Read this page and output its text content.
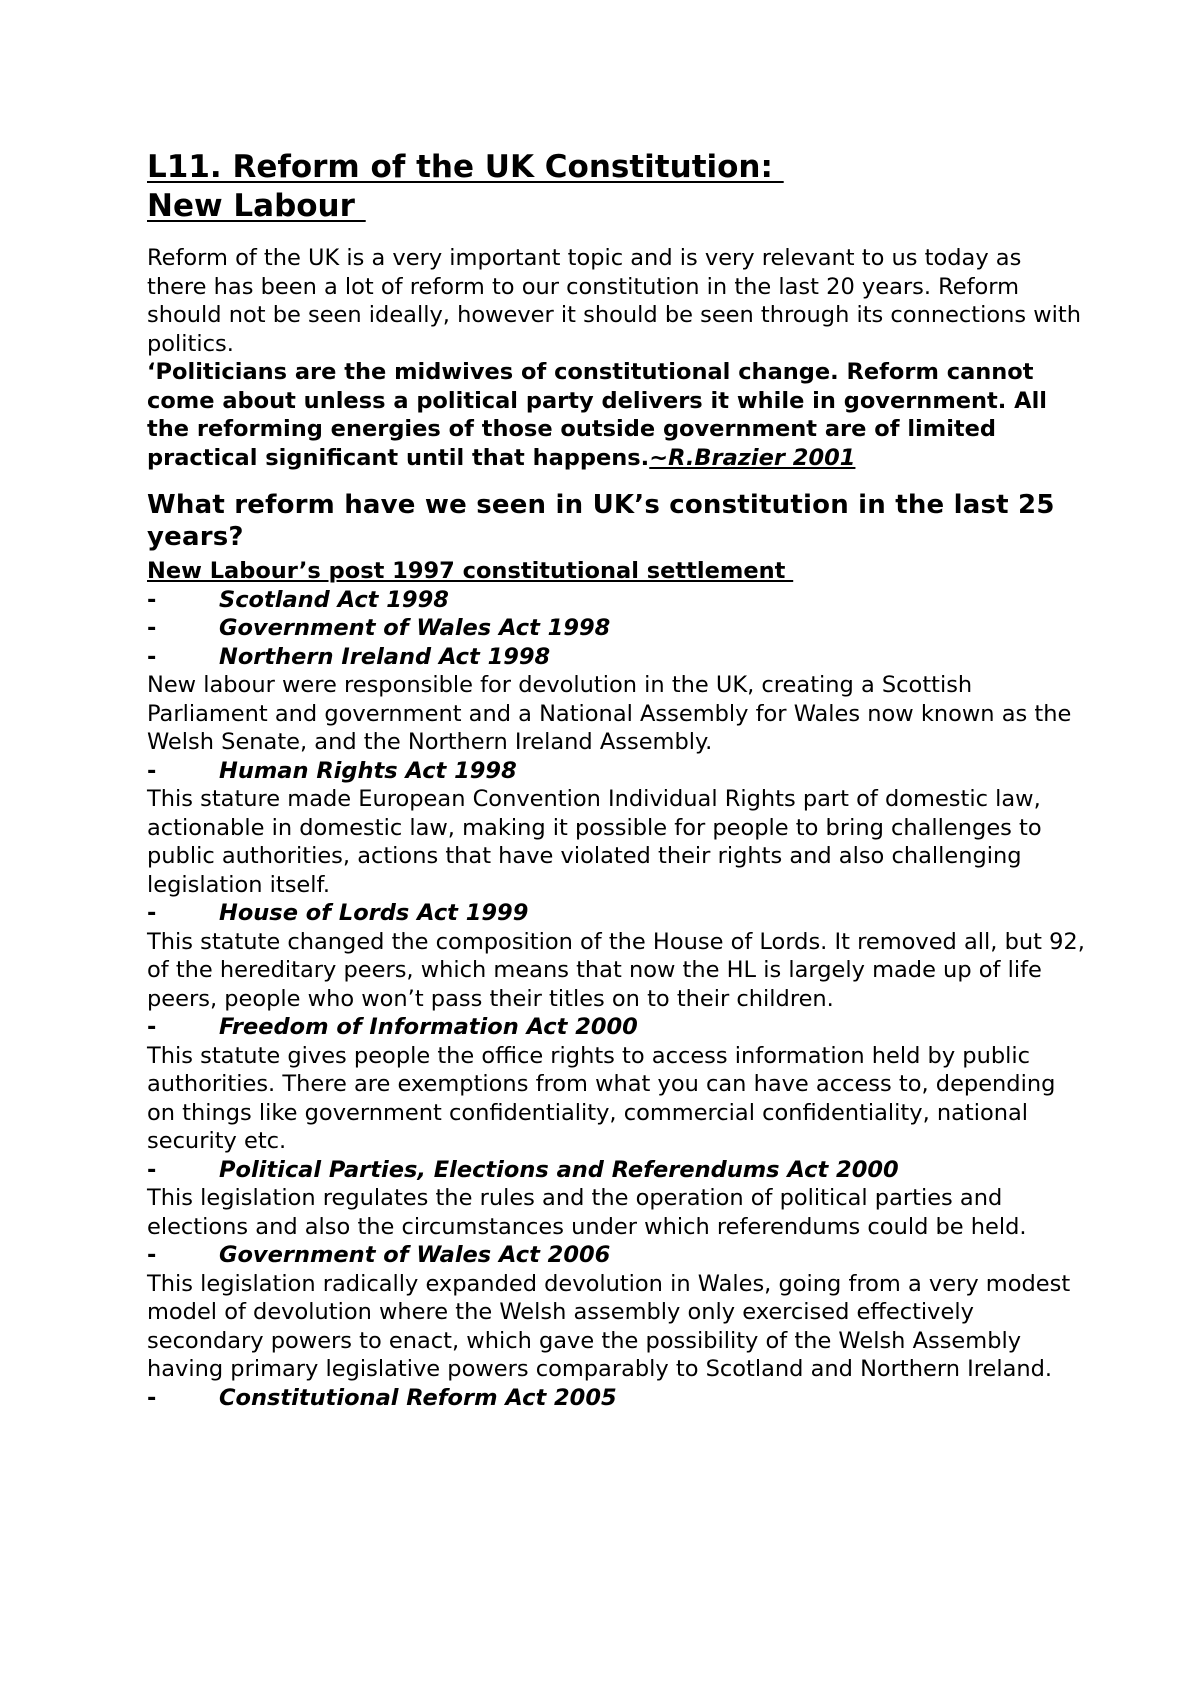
L11. Reform of the UK Constitution:
New Labour

Reform of the UK is a very important topic and is very relevant to us today as there has been a lot of reform to our constitution in the last 20 years. Reform should not be seen ideally, however it should be seen through its connections with politics.

‘Politicians are the midwives of constitutional change. Reform cannot come about unless a political party delivers it while in government. All the reforming energies of those outside government are of limited practical significant until that happens.~R.Brazier 2001

What reform have we seen in UK’s constitution in the last 25 years?
New Labour’s post 1997 constitutional settlement
-	Scotland Act 1998
-	Government of Wales Act 1998
-	Northern Ireland Act 1998

New labour were responsible for devolution in the UK, creating a Scottish Parliament and government and a National Assembly for Wales now known as the Welsh Senate, and the Northern Ireland Assembly.

-	Human Rights Act 1998

This stature made European Convention Individual Rights part of domestic law, actionable in domestic law, making it possible for people to bring challenges to public authorities, actions that have violated their rights and also challenging legislation itself.

-	House of Lords Act 1999

This statute changed the composition of the House of Lords. It removed all, but 92, of the hereditary peers, which means that now the HL is largely made up of life peers, people who won’t pass their titles on to their children.

-	Freedom of Information Act 2000

This statute gives people the office rights to access information held by public authorities. There are exemptions from what you can have access to, depending on things like government confidentiality, commercial confidentiality, national security etc.

-	Political Parties, Elections and Referendums Act 2000

This legislation regulates the rules and the operation of political parties and elections and also the circumstances under which referendums could be held.

-	Government of Wales Act 2006

This legislation radically expanded devolution in Wales, going from a very modest model of devolution where the Welsh assembly only exercised effectively secondary powers to enact, which gave the possibility of the Welsh Assembly having primary legislative powers comparably to Scotland and Northern Ireland.

-	Constitutional Reform Act 2005
